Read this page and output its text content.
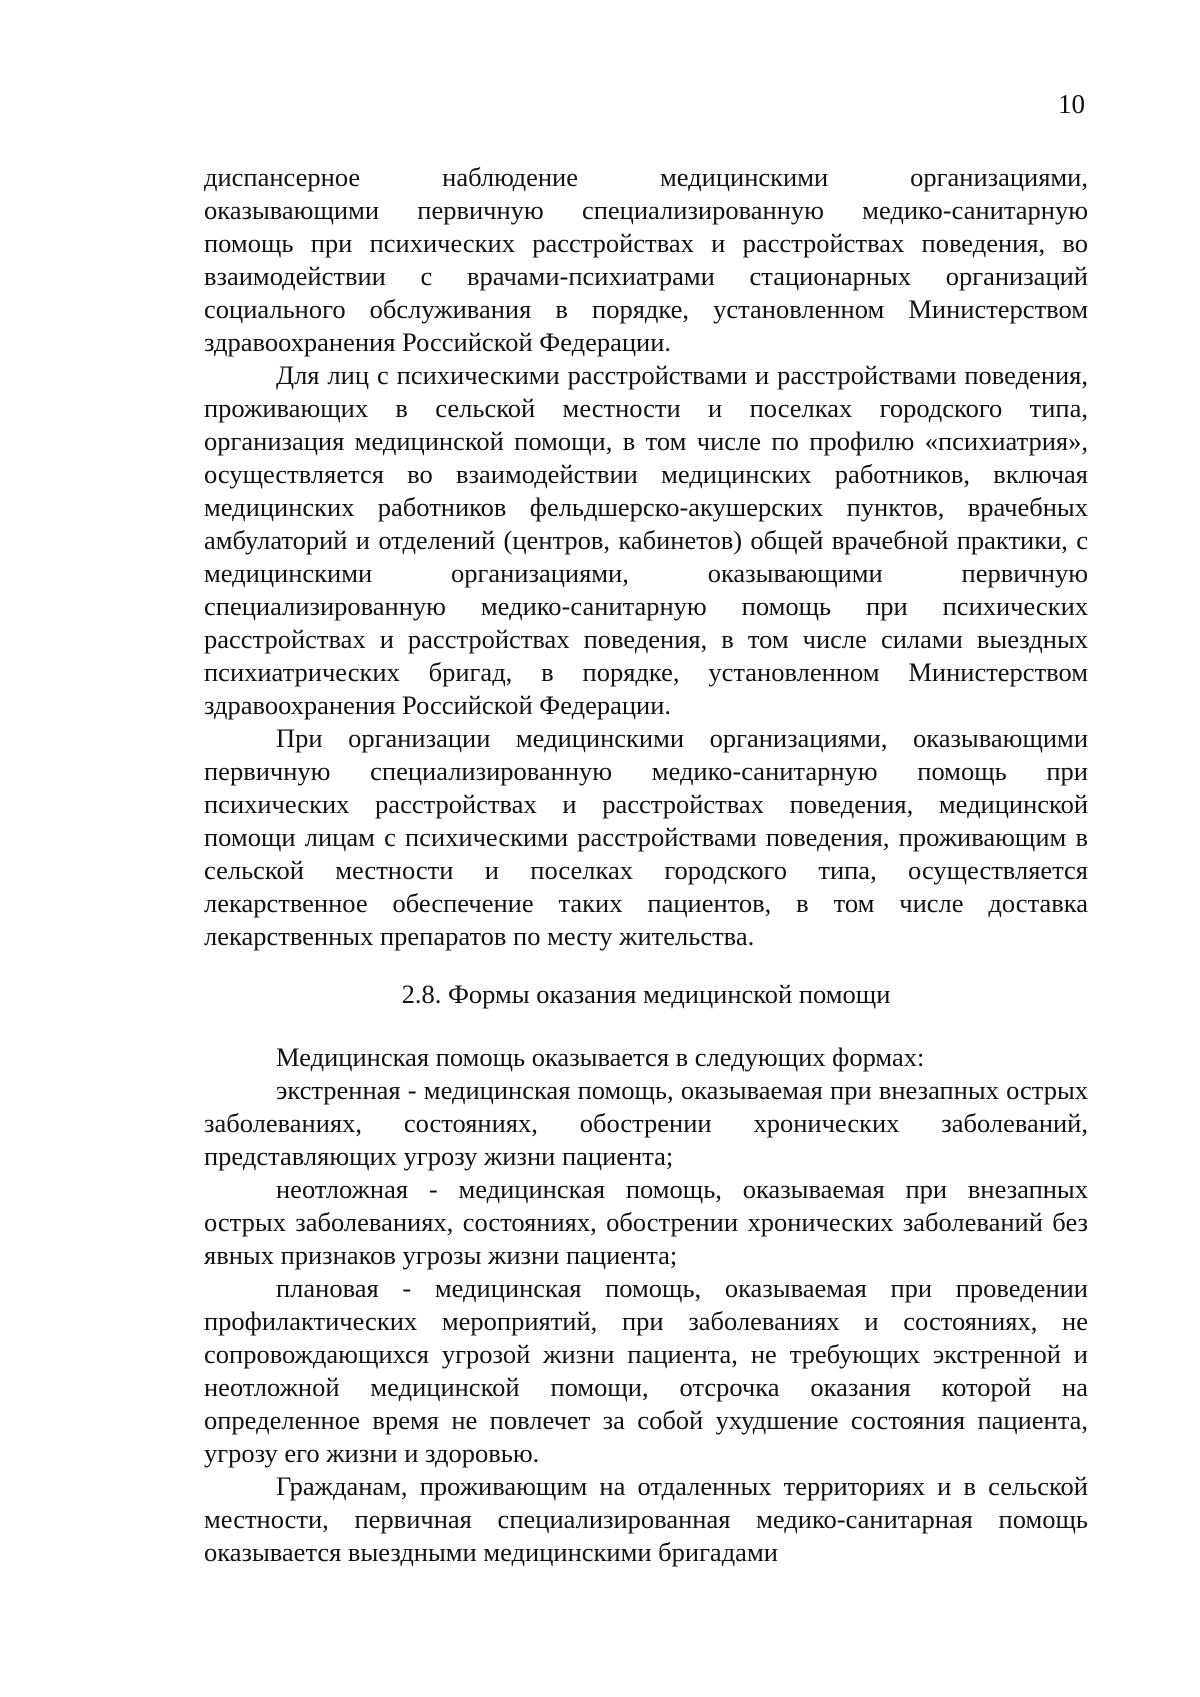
10

диспансерное наблюдение медицинскими организациями,

оказывающими первичную специализированную медико-санитарную помощь при психических расстройствах и расстройствах поведения, во взаимодействии с врачами-психиатрами стационарных организаций социального обслуживания в порядке, установленном Министерством здравоохранения Российской Федерации.

Для лиц с психическими расстройствами и расстройствами поведения, проживающих в сельской местности и поселках городского типа, организация медицинской помощи, в том числе по профилю «психиатрия», осуществляется во взаимодействии медицинских работников, включая медицинских работников фельдшерско-акушерских пунктов, врачебных амбулаторий и отделений (центров, кабинетов) общей врачебной практики, с медицинскими организациями, оказывающими первичную специализированную медико-санитарную помощь при психических расстройствах и расстройствах поведения, в том числе силами выездных психиатрических бригад, в порядке, установленном Министерством здравоохранения Российской Федерации.

При организации медицинскими организациями, оказывающими первичную специализированную медико-санитарную помощь при психических расстройствах и расстройствах поведения, медицинской помощи лицам с психическими расстройствами поведения, проживающим в сельской местности и поселках городского типа, осуществляется лекарственное обеспечение таких пациентов, в том числе доставка лекарственных препаратов по месту жительства.

2.8. Формы оказания медицинской помощи

Медицинская помощь оказывается в следующих формах:

экстренная - медицинская помощь, оказываемая при внезапных острых заболеваниях, состояниях, обострении хронических заболеваний, представляющих угрозу жизни пациента;

неотложная - медицинская помощь, оказываемая при внезапных острых заболеваниях, состояниях, обострении хронических заболеваний без явных признаков угрозы жизни пациента;

плановая - медицинская помощь, оказываемая при проведении профилактических мероприятий, при заболеваниях и состояниях, не сопровождающихся угрозой жизни пациента, не требующих экстренной и неотложной медицинской помощи, отсрочка оказания которой на определенное время не повлечет за собой ухудшение состояния пациента, угрозу его жизни и здоровью.

Гражданам, проживающим на отдаленных территориях и в сельской местности, первичная специализированная медико-санитарная помощь оказывается выездными медицинскими бригадами
